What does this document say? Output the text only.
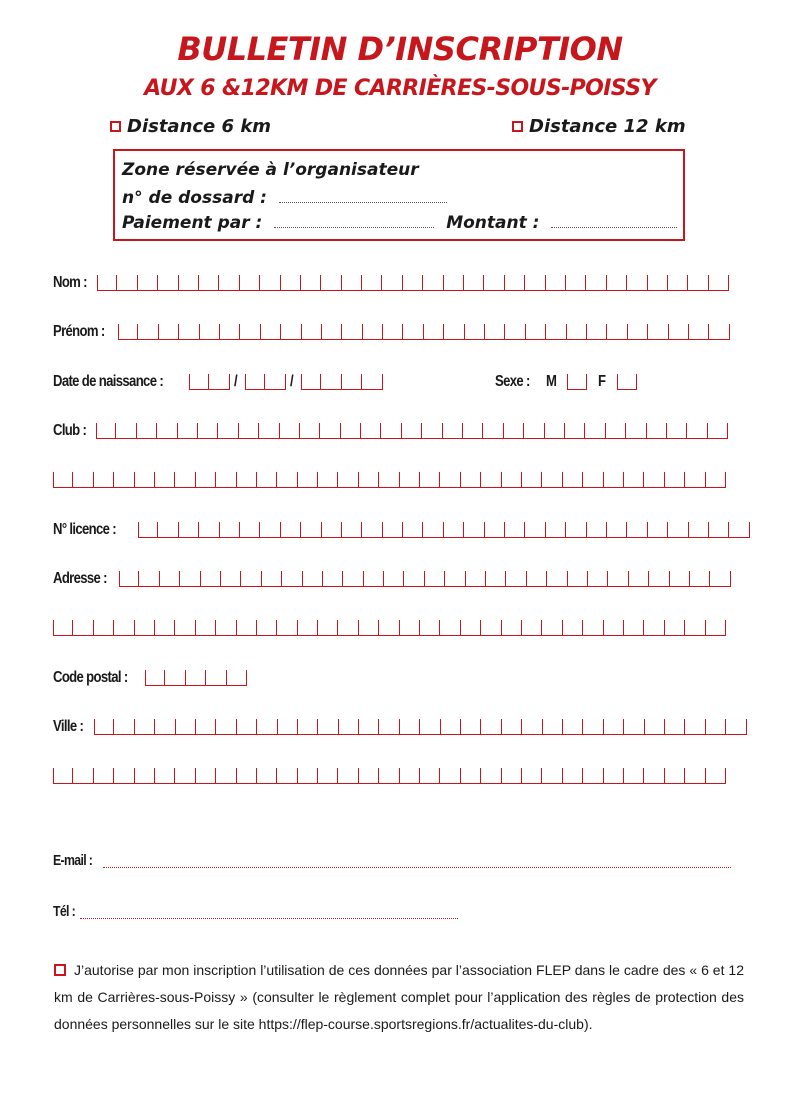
BULLETIN D’INSCRIPTION
AUX 6 &12KM DE CARRIÈRES-SOUS-POISSY
Distance 6 km	Distance 12 km
Zone réservée à l’organisateur
n° de dossard :
Paiement par :	Montant :
Nom :
Prénom :
Date de naissance :	/	/	Sexe : M	F
Club :
N° licence :
Adresse :
Code postal :
Ville :
E-mail :
Tél :
J’autorise par mon inscription l’utilisation de ces données par l’association FLEP dans le cadre des « 6 et 12 km de Carrières-sous-Poissy » (consulter le règlement complet pour l’application des règles de protection des données personnelles sur le site https://flep-course.sportsregions.fr/actualites-du-club).
